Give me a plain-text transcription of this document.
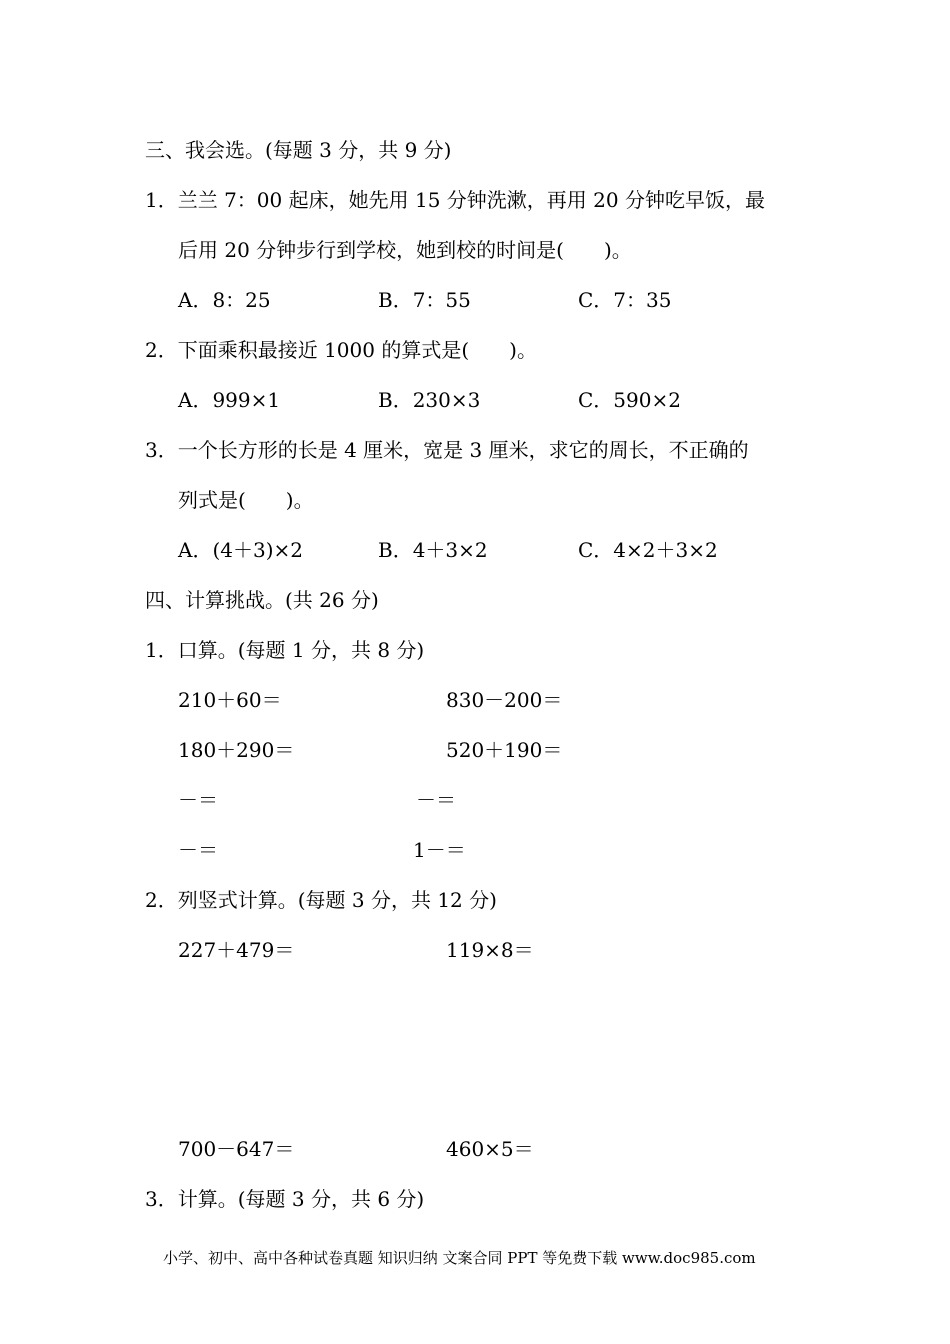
三、我会选。(每题 3 分，共 9 分)
1．兰兰 7：00 起床，她先用 15 分钟洗漱，再用 20 分钟吃早饭，最
后用 20 分钟步行到学校，她到校的时间是(　　)。
A．8：25	B．7：55	C．7：35
2．下面乘积最接近 1000 的算式是(　　)。
A．999×1	B．230×3	C．590×2
3．一个长方形的长是 4 厘米，宽是 3 厘米，求它的周长，不正确的
列式是(　　)。
A．(4＋3)×2	B．4＋3×2	C．4×2＋3×2
四、计算挑战。(共 26 分)
1．口算。(每题 1 分，共 8 分)
210＋60＝	830－200＝
180＋290＝	520＋190＝
－＝	－＝
－＝	1－＝
2．列竖式计算。(每题 3 分，共 12 分)
227＋479＝	119×8＝
700－647＝	460×5＝
3．计算。(每题 3 分，共 6 分)
小学、初中、高中各种试卷真题 知识归纳 文案合同 PPT 等免费下载 www.doc985.com
